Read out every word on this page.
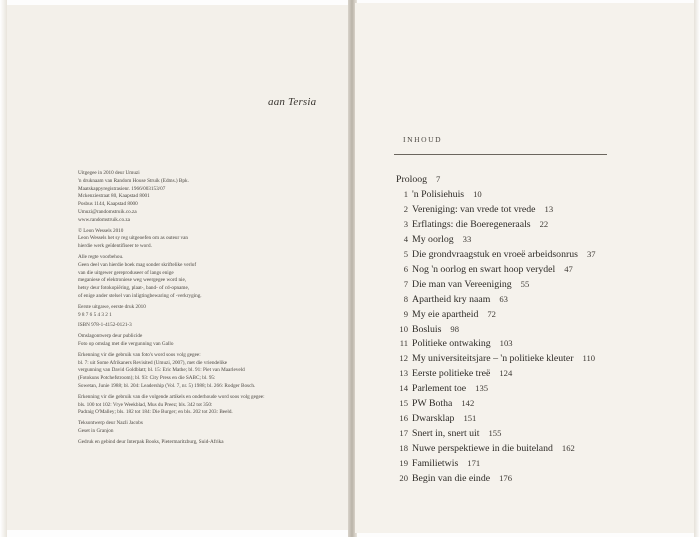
aan Tersia
Uitgegee in 2010 deur Umuzi
'n druknaam van Random House Struik (Edms.) Bpk.
Maatskappyregistrasienr. 1966/003153/07
Mckenziestraat 80, Kaapstad 8001
Posbus 1144, Kaapstad 8000
Umuzi@randomstruik.co.za
www.randomstruik.co.za
© Leon Wessels 2010
Leon Wessels het sy reg uitgeoefen om as outeur van
hierdie werk geïdentifiseer te word.
Alle regte voorbehou.
Geen deel van hierdie boek mag sonder skriftelike verlof
van die uitgewer gereproduseer of langs enige
meganiese of elektroniese weg weergegee word nie,
hetsy deur fotokopiëring, plaat-, band- of cd-opname,
of enige ander stelsel van inligtingbewaring of -verkryging.
Eerste uitgawe, eerste druk 2010
9 8 7 6 5 4 3 2 1
ISBN 978-1-4152-0121-3
Omslagontwerp deur publicide
Foto op omslag met die vergunning van Gallo
Erkenning vir die gebruik van foto's word soos volg gegee:
bl. 7: uit Some Afrikaners Revisited (Umuzi, 2007), met die vriendelike
vergunning van David Goldblatt; bl. 15: Eric Mathe; bl. 91: Piet van Maarleveld
(Fotokuns Potchefstroom); bl. 93: City Press en die SABC; bl. 95:
Sowetan, Junie 1988; bl. 204: Leadership (Vol. 7, nr. 5) 1988; bl. 266: Rodger Bosch.
Erkenning vir die gebruik van die volgende artikels en onderhoude word soos volg gegee:
bls. 100 tot 102: Vrye Weekblad, Mus du Preez; bls. 342 tot 350:
Padraig O'Malley; bls. 182 tot 184: Die Burger; en bls. 202 tot 203: Beeld.
Teksontwerp deur Nazli Jacobs
Geset in Granjon
Gedruk en gebind deur Interpak Books, Pietermaritzburg, Suid-Afrika
INHOUD
Proloog 7
1 'n Polisiehuis 10
2 Vereniging: van vrede tot vrede 13
3 Erflatings: die Boeregeneraals 22
4 My oorlog 33
5 Die grondvraagstuk en vroeë arbeidsonrus 37
6 Nog 'n oorlog en swart hoop verydel 47
7 Die man van Vereeniging 55
8 Apartheid kry naam 63
9 My eie apartheid 72
10 Bosluis 98
11 Politieke ontwaking 103
12 My universiteitsjare – 'n politieke kleuter 110
13 Eerste politieke treë 124
14 Parlement toe 135
15 PW Botha 142
16 Dwarsklap 151
17 Snert in, snert uit 155
18 Nuwe perspektiewe in die buiteland 162
19 Familietwis 171
20 Begin van die einde 176
